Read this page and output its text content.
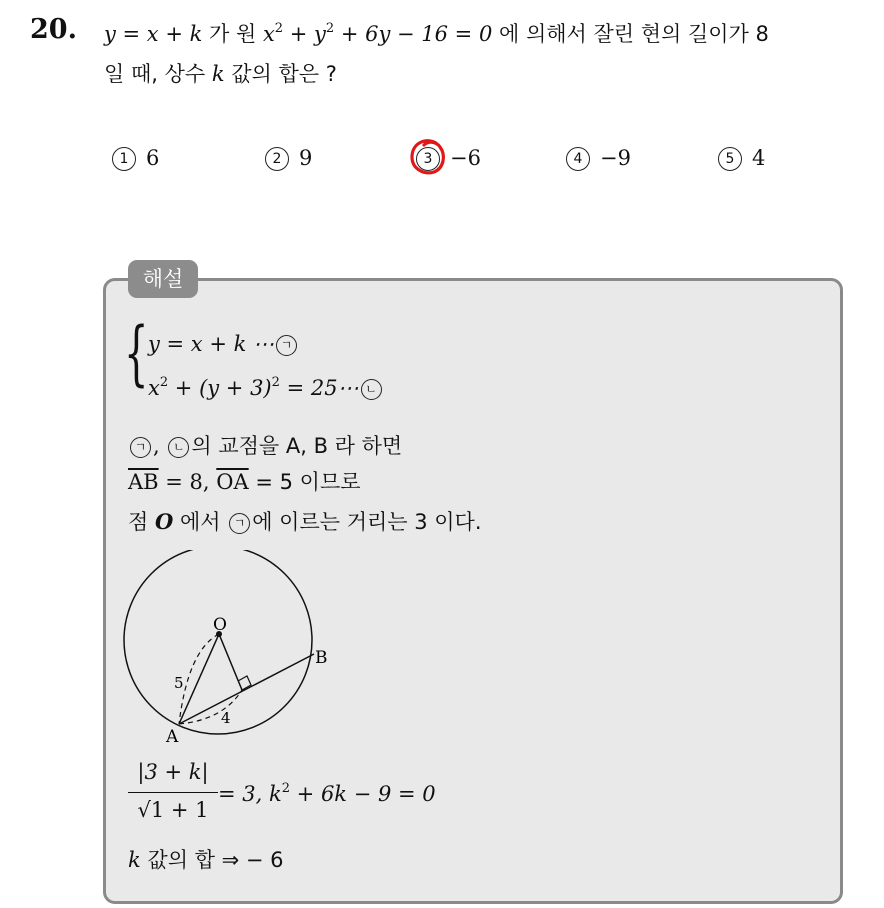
20. y = x + k 가 원 $x^2 + y^2 + 6y - 16 = 0$ 에 의해서 잘린 현의 길이가 8
일 때, 상수 k 값의 합은 ?
1 6	2 9	3 −6	4 −9	5 4
해설
{ y = x + k ⋯ ㄱ
$x^2 + (y + 3)^2$ = 25⋯ ㄴ
ㄱ , ㄴ 의 교점을 A, B 라 하면
$\overline{AB} = 8$, $\overline{OA} = 5$ 이므로
점 O 에서 ㄱ 에 이르는 거리는 3 이다.
O
A
B
5
4
|3 + k|
√1 + 1
= 3, $k^2 + 6k - 9 = 0$
k 값의 합 ⇒ − 6
